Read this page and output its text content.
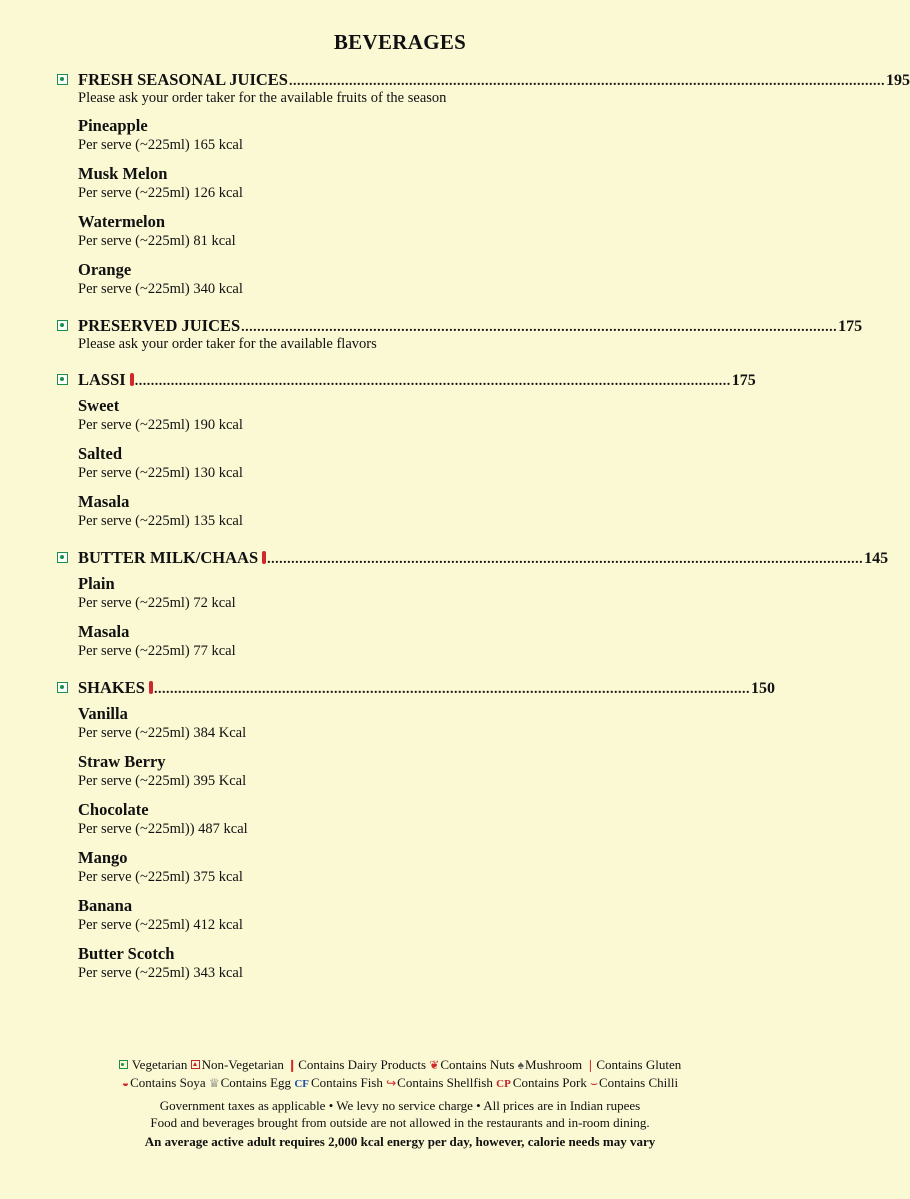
BEVERAGES
FRESH SEASONAL JUICES ..................................................................................................................................................... 195
Please ask your order taker for the available fruits of the season
Pineapple
Per serve (~225ml) 165 kcal
Musk Melon
Per serve (~225ml) 126 kcal
Watermelon
Per serve (~225ml) 81 kcal
Orange
Per serve (~225ml) 340 kcal
PRESERVED JUICES ..................................................................................................................................................... 175
Please ask your order taker for the available flavors
LASSI ..................................................................................................................................................... 175
Sweet
Per serve (~225ml) 190 kcal
Salted
Per serve (~225ml) 130 kcal
Masala
Per serve (~225ml) 135 kcal
BUTTER MILK/CHAAS ..................................................................................................................................................... 145
Plain
Per serve (~225ml) 72 kcal
Masala
Per serve (~225ml) 77 kcal
SHAKES ..................................................................................................................................................... 150
Vanilla
Per serve (~225ml) 384 Kcal
Straw Berry
Per serve (~225ml) 395 Kcal
Chocolate
Per serve (~225ml)) 487 kcal
Mango
Per serve (~225ml) 375 kcal
Banana
Per serve (~225ml) 412 kcal
Butter Scotch
Per serve (~225ml) 343 kcal
Vegetarian Non-Vegetarian ❙Contains Dairy Products ❦Contains Nuts ♠Mushroom ❘Contains Gluten
◒Contains Soya ♕Contains Egg CF Contains Fish ↪Contains Shellfish CP Contains Pork ⌣Contains Chilli
Government taxes as applicable • We levy no service charge • All prices are in Indian rupees
Food and beverages brought from outside are not allowed in the restaurants and in-room dining.
An average active adult requires 2,000 kcal energy per day, however, calorie needs may vary
